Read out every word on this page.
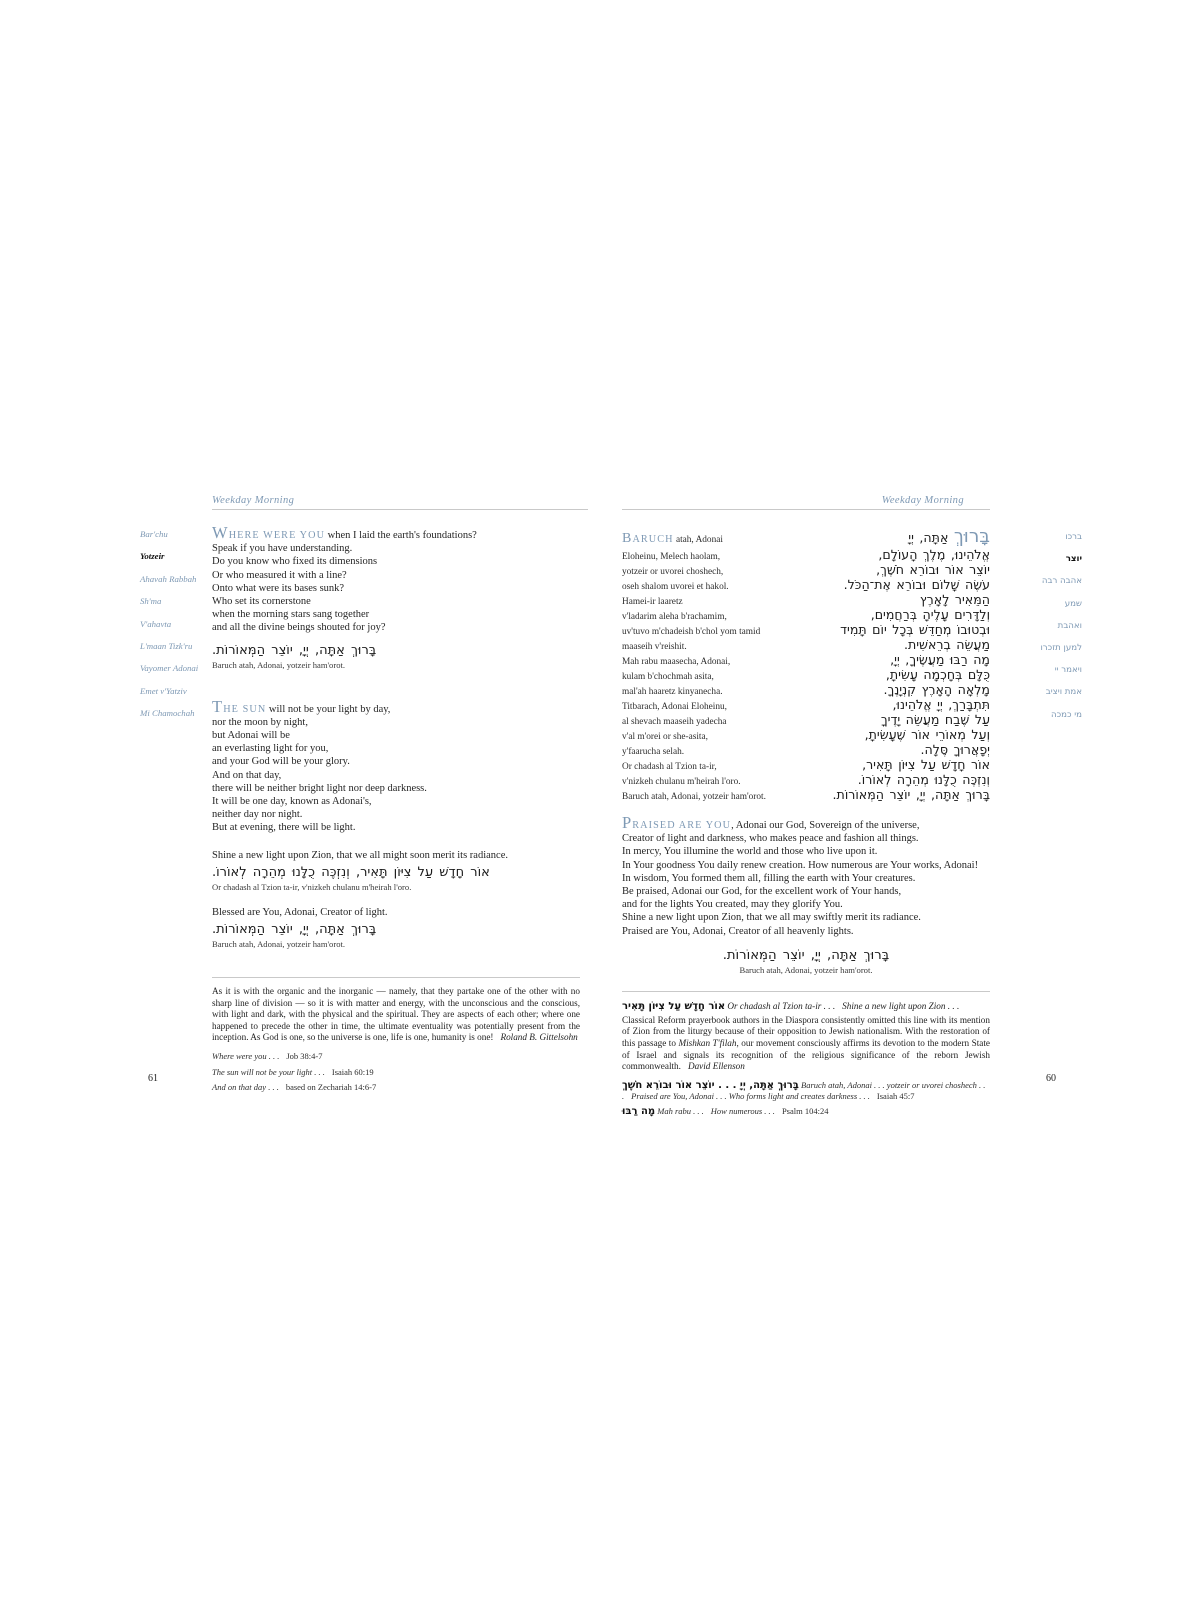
Weekday Morning
Bar'chu
Yotzeir
Ahavah Rabbah
Sh'ma
V'ahavta
L'maan Tizk'ru
Vayomer Adonai
Emet v'Yatziv
Mi Chamochah
WHERE WERE YOU when I laid the earth's foundations?
Speak if you have understanding.
Do you know who fixed its dimensions
Or who measured it with a line?
Onto what were its bases sunk?
Who set its cornerstone
when the morning stars sang together
and all the divine beings shouted for joy?
בָּרוּךְ אַתָּה, יְיָ, יוֹצֵר הַמְּאוֹרוֹת.
Baruch atah, Adonai, yotzeir ham'orot.
THE SUN will not be your light by day,
nor the moon by night,
but Adonai will be
an everlasting light for you,
and your God will be your glory.
And on that day,
there will be neither bright light nor deep darkness.
It will be one day, known as Adonai's,
neither day nor night.
But at evening, there will be light.
Shine a new light upon Zion, that we all might soon merit its radiance.
אוֹר חָדָשׁ עַל צִיּוֹן תָּאִיר, וְנִזְכֶּה כֻלָּנוּ מְהֵרָה לְאוֹרוֹ.
Or chadash al Tzion ta-ir, v'nizkeh chulanu m'heirah l'oro.
Blessed are You, Adonai, Creator of light.
בָּרוּךְ אַתָּה, יְיָ, יוֹצֵר הַמְּאוֹרוֹת.
Baruch atah, Adonai, yotzeir ham'orot.

As it is with the organic and the inorganic — namely, that they partake one of the other with no sharp line of division — so it is with matter and energy, with the unconscious and the conscious, with light and dark, with the physical and the spiritual. They are aspects of each other; where one happened to precede the other in time, the ultimate eventuality was potentially present from the inception. As God is one, so the universe is one, life is one, humanity is one! Roland B. Gittelsohn

Where were you . . . Job 38:4-7
The sun will not be your light . . . Isaiah 60:19
And on that day . . . based on Zechariah 14:6-7
61
Weekday Morning
BARUCH atah, Adonai	בָּרוּךְ אַתָּה, יְיָ
Eloheinu, Melech haolam,	אֱלֹהֵינוּ, מֶלֶךְ הָעוֹלָם,
yotzeir or uvorei choshech,	יוֹצֵר אוֹר וּבוֹרֵא חֹשֶׁךְ,
oseh shalom uvorei et hakol.	עֹשֶׂה שָׁלוֹם וּבוֹרֵא אֶת־הַכֹּל.
Hamei-ir laaretz	הַמֵּאִיר לָאָרֶץ
v'ladarim aleha b'rachamim,	וְלַדָּרִים עָלֶיהָ בְּרַחֲמִים,
uv'tuvo m'chadeish b'chol yom tamid	וּבְטוּבוֹ מְחַדֵּשׁ בְּכָל יוֹם תָּמִיד
maaseih v'reishit.	מַעֲשֵׂה בְרֵאשִׁית.
Mah rabu maasecha, Adonai,	מָה רַבּוּ מַעֲשֶׂיךָ, יְיָ,
kulam b'chochmah asita,	כֻּלָּם בְּחָכְמָה עָשִׂיתָ,
mal'ah haaretz kinyanecha.	מָלְאָה הָאָרֶץ קִנְיָנֶךָ.
Titbarach, Adonai Eloheinu,	תִּתְבָּרַךְ, יְיָ אֱלֹהֵינוּ,
al shevach maaseih yadecha	עַל שֶׁבַח מַעֲשֵׂה יָדֶיךָ
v'al m'orei or she-asita,	וְעַל מְאוֹרֵי אוֹר שֶׁעָשִׂיתָ,
y'faarucha selah.	יְפָאֲרוּךָ סֶּלָה.
Or chadash al Tzion ta-ir,	אוֹר חָדָשׁ עַל צִיּוֹן תָּאִיר,
v'nizkeh chulanu m'heirah l'oro.	וְנִזְכֶּה כֻלָּנוּ מְהֵרָה לְאוֹרוֹ.
Baruch atah, Adonai, yotzeir ham'orot.	בָּרוּךְ אַתָּה, יְיָ, יוֹצֵר הַמְּאוֹרוֹת.
PRAISED ARE YOU, Adonai our God, Sovereign of the universe,
Creator of light and darkness, who makes peace and fashion all things.
In mercy, You illumine the world and those who live upon it.
In Your goodness You daily renew creation. How numerous are Your works, Adonai!
In wisdom, You formed them all, filling the earth with Your creatures.
Be praised, Adonai our God, for the excellent work of Your hands,
and for the lights You created, may they glorify You.
Shine a new light upon Zion, that we all may swiftly merit its radiance.
Praised are You, Adonai, Creator of all heavenly lights.
בָּרוּךְ אַתָּה, יְיָ, יוֹצֵר הַמְּאוֹרוֹת.
Baruch atah, Adonai, yotzeir ham'orot.
אוֹר חָדָשׁ עַל צִיּוֹן תָּאִיר Or chadash al Tzion ta-ir . . . Shine a new light upon Zion . . .

Classical Reform prayerbook authors in the Diaspora consistently omitted this line with its mention of Zion from the liturgy because of their opposition to Jewish nationalism. With the restoration of this passage to Mishkan T'filah, our movement consciously affirms its devotion to the modern State of Israel and signals its recognition of the religious significance of the reborn Jewish commonwealth. David Ellenson

בָּרוּךְ אַתָּה, יְיָ . . . יוֹצֵר אוֹר וּבוֹרֵא חֹשֶׁךְ Baruch atah, Adonai . . . yotzeir or uvorei choshech . . . Praised are You, Adonai . . . Who forms light and creates darkness . . . Isaiah 45:7
מָה רַבּוּ Mah rabu . . . How numerous . . . Psalm 104:24
ברכו
יוצר
אהבה רבה
שמע
ואהבת
למען תזכרו
ויאמר יי
אמת ויציב
מי כמכה
60
